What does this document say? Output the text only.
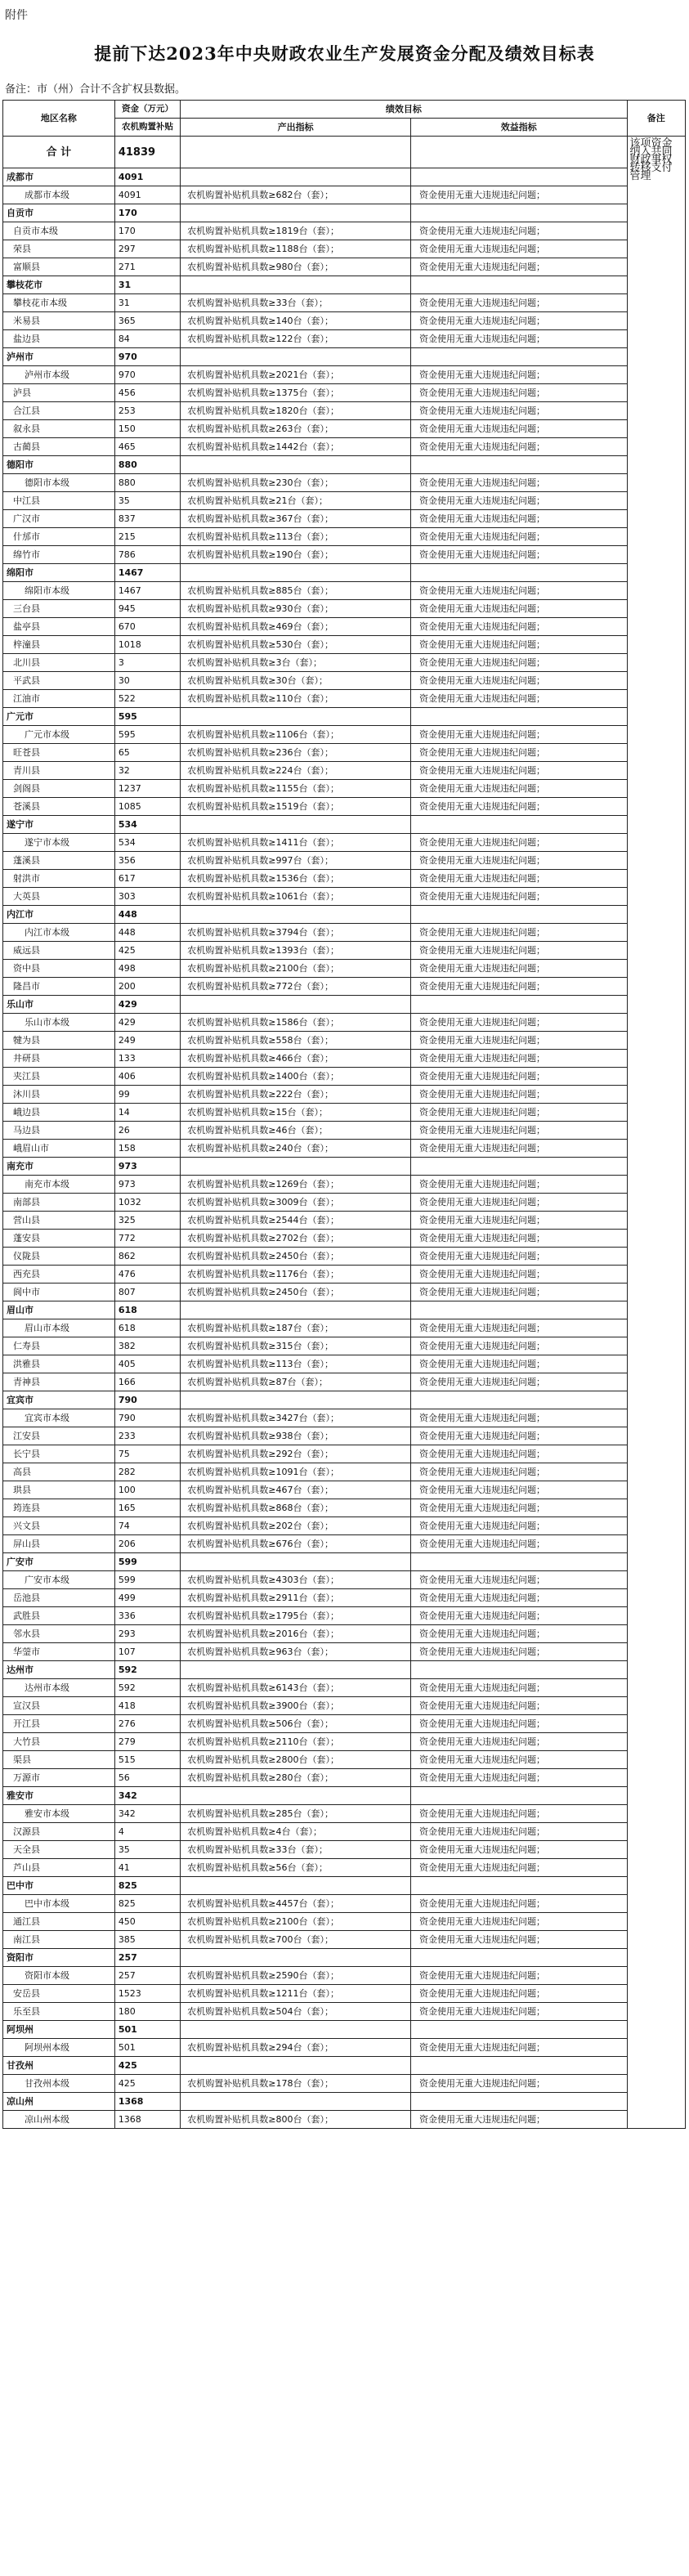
附件
提前下达2023年中央财政农业生产发展资金分配及绩效目标表
备注：市（州）合计不含扩权县数据。
地区名称	资金（万元）	绩效目标		备注
	农机购置补贴	产出指标	效益指标	
合 计	41839			该项资金纳入共同财政事权转移支付管理
成都市	4091			
成都市本级	4091	农机购置补贴机具数≥682台（套）；	资金使用无重大违规违纪问题；	
自贡市	170			
自贡市本级	170	农机购置补贴机具数≥1819台（套）；	资金使用无重大违规违纪问题；	
荣县	297	农机购置补贴机具数≥1188台（套）；	资金使用无重大违规违纪问题；	
富顺县	271	农机购置补贴机具数≥980台（套）；	资金使用无重大违规违纪问题；	
攀枝花市	31			
攀枝花市本级	31	农机购置补贴机具数≥33台（套）；	资金使用无重大违规违纪问题；	
米易县	365	农机购置补贴机具数≥140台（套）；	资金使用无重大违规违纪问题；	
盐边县	84	农机购置补贴机具数≥122台（套）；	资金使用无重大违规违纪问题；	
泸州市	970			
泸州市本级	970	农机购置补贴机具数≥2021台（套）；	资金使用无重大违规违纪问题；	
泸县	456	农机购置补贴机具数≥1375台（套）；	资金使用无重大违规违纪问题；	
合江县	253	农机购置补贴机具数≥1820台（套）；	资金使用无重大违规违纪问题；	
叙永县	150	农机购置补贴机具数≥263台（套）；	资金使用无重大违规违纪问题；	
古蔺县	465	农机购置补贴机具数≥1442台（套）；	资金使用无重大违规违纪问题；	
德阳市	880			
德阳市本级	880	农机购置补贴机具数≥230台（套）；	资金使用无重大违规违纪问题；	
中江县	35	农机购置补贴机具数≥21台（套）；	资金使用无重大违规违纪问题；	
广汉市	837	农机购置补贴机具数≥367台（套）；	资金使用无重大违规违纪问题；	
什邡市	215	农机购置补贴机具数≥113台（套）；	资金使用无重大违规违纪问题；	
绵竹市	786	农机购置补贴机具数≥190台（套）；	资金使用无重大违规违纪问题；	
绵阳市	1467			
绵阳市本级	1467	农机购置补贴机具数≥885台（套）；	资金使用无重大违规违纪问题；	
三台县	945	农机购置补贴机具数≥930台（套）；	资金使用无重大违规违纪问题；	
盐亭县	670	农机购置补贴机具数≥469台（套）；	资金使用无重大违规违纪问题；	
梓潼县	1018	农机购置补贴机具数≥530台（套）；	资金使用无重大违规违纪问题；	
北川县	3	农机购置补贴机具数≥3台（套）；	资金使用无重大违规违纪问题；	
平武县	30	农机购置补贴机具数≥30台（套）；	资金使用无重大违规违纪问题；	
江油市	522	农机购置补贴机具数≥110台（套）；	资金使用无重大违规违纪问题；	
广元市	595			
广元市本级	595	农机购置补贴机具数≥1106台（套）；	资金使用无重大违规违纪问题；	
旺苍县	65	农机购置补贴机具数≥236台（套）；	资金使用无重大违规违纪问题；	
青川县	32	农机购置补贴机具数≥224台（套）；	资金使用无重大违规违纪问题；	
剑阁县	1237	农机购置补贴机具数≥1155台（套）；	资金使用无重大违规违纪问题；	
苍溪县	1085	农机购置补贴机具数≥1519台（套）；	资金使用无重大违规违纪问题；	
遂宁市	534			
遂宁市本级	534	农机购置补贴机具数≥1411台（套）；	资金使用无重大违规违纪问题；	
蓬溪县	356	农机购置补贴机具数≥997台（套）；	资金使用无重大违规违纪问题；	
射洪市	617	农机购置补贴机具数≥1536台（套）；	资金使用无重大违规违纪问题；	
大英县	303	农机购置补贴机具数≥1061台（套）；	资金使用无重大违规违纪问题；	
内江市	448			
内江市本级	448	农机购置补贴机具数≥3794台（套）；	资金使用无重大违规违纪问题；	
威远县	425	农机购置补贴机具数≥1393台（套）；	资金使用无重大违规违纪问题；	
资中县	498	农机购置补贴机具数≥2100台（套）；	资金使用无重大违规违纪问题；	
隆昌市	200	农机购置补贴机具数≥772台（套）；	资金使用无重大违规违纪问题；	
乐山市	429			
乐山市本级	429	农机购置补贴机具数≥1586台（套）；	资金使用无重大违规违纪问题；	
犍为县	249	农机购置补贴机具数≥558台（套）；	资金使用无重大违规违纪问题；	
井研县	133	农机购置补贴机具数≥466台（套）；	资金使用无重大违规违纪问题；	
夹江县	406	农机购置补贴机具数≥1400台（套）；	资金使用无重大违规违纪问题；	
沐川县	99	农机购置补贴机具数≥222台（套）；	资金使用无重大违规违纪问题；	
峨边县	14	农机购置补贴机具数≥15台（套）；	资金使用无重大违规违纪问题；	
马边县	26	农机购置补贴机具数≥46台（套）；	资金使用无重大违规违纪问题；	
峨眉山市	158	农机购置补贴机具数≥240台（套）；	资金使用无重大违规违纪问题；	
南充市	973			
南充市本级	973	农机购置补贴机具数≥1269台（套）；	资金使用无重大违规违纪问题；	
南部县	1032	农机购置补贴机具数≥3009台（套）；	资金使用无重大违规违纪问题；	
营山县	325	农机购置补贴机具数≥2544台（套）；	资金使用无重大违规违纪问题；	
蓬安县	772	农机购置补贴机具数≥2702台（套）；	资金使用无重大违规违纪问题；	
仪陇县	862	农机购置补贴机具数≥2450台（套）；	资金使用无重大违规违纪问题；	
西充县	476	农机购置补贴机具数≥1176台（套）；	资金使用无重大违规违纪问题；	
阆中市	807	农机购置补贴机具数≥2450台（套）；	资金使用无重大违规违纪问题；	
眉山市	618			
眉山市本级	618	农机购置补贴机具数≥187台（套）；	资金使用无重大违规违纪问题；	
仁寿县	382	农机购置补贴机具数≥315台（套）；	资金使用无重大违规违纪问题；	
洪雅县	405	农机购置补贴机具数≥113台（套）；	资金使用无重大违规违纪问题；	
青神县	166	农机购置补贴机具数≥87台（套）；	资金使用无重大违规违纪问题；	
宜宾市	790			
宜宾市本级	790	农机购置补贴机具数≥3427台（套）；	资金使用无重大违规违纪问题；	
江安县	233	农机购置补贴机具数≥938台（套）；	资金使用无重大违规违纪问题；	
长宁县	75	农机购置补贴机具数≥292台（套）；	资金使用无重大违规违纪问题；	
高县	282	农机购置补贴机具数≥1091台（套）；	资金使用无重大违规违纪问题；	
珙县	100	农机购置补贴机具数≥467台（套）；	资金使用无重大违规违纪问题；	
筠连县	165	农机购置补贴机具数≥868台（套）；	资金使用无重大违规违纪问题；	
兴文县	74	农机购置补贴机具数≥202台（套）；	资金使用无重大违规违纪问题；	
屏山县	206	农机购置补贴机具数≥676台（套）；	资金使用无重大违规违纪问题；	
广安市	599			
广安市本级	599	农机购置补贴机具数≥4303台（套）；	资金使用无重大违规违纪问题；	
岳池县	499	农机购置补贴机具数≥2911台（套）；	资金使用无重大违规违纪问题；	
武胜县	336	农机购置补贴机具数≥1795台（套）；	资金使用无重大违规违纪问题；	
邻水县	293	农机购置补贴机具数≥2016台（套）；	资金使用无重大违规违纪问题；	
华蓥市	107	农机购置补贴机具数≥963台（套）；	资金使用无重大违规违纪问题；	
达州市	592			
达州市本级	592	农机购置补贴机具数≥6143台（套）；	资金使用无重大违规违纪问题；	
宣汉县	418	农机购置补贴机具数≥3900台（套）；	资金使用无重大违规违纪问题；	
开江县	276	农机购置补贴机具数≥506台（套）；	资金使用无重大违规违纪问题；	
大竹县	279	农机购置补贴机具数≥2110台（套）；	资金使用无重大违规违纪问题；	
渠县	515	农机购置补贴机具数≥2800台（套）；	资金使用无重大违规违纪问题；	
万源市	56	农机购置补贴机具数≥280台（套）；	资金使用无重大违规违纪问题；	
雅安市	342			
雅安市本级	342	农机购置补贴机具数≥285台（套）；	资金使用无重大违规违纪问题；	
汉源县	4	农机购置补贴机具数≥4台（套）；	资金使用无重大违规违纪问题；	
天全县	35	农机购置补贴机具数≥33台（套）；	资金使用无重大违规违纪问题；	
芦山县	41	农机购置补贴机具数≥56台（套）；	资金使用无重大违规违纪问题；	
巴中市	825			
巴中市本级	825	农机购置补贴机具数≥4457台（套）；	资金使用无重大违规违纪问题；	
通江县	450	农机购置补贴机具数≥2100台（套）；	资金使用无重大违规违纪问题；	
南江县	385	农机购置补贴机具数≥700台（套）；	资金使用无重大违规违纪问题；	
资阳市	257			
资阳市本级	257	农机购置补贴机具数≥2590台（套）；	资金使用无重大违规违纪问题；	
安岳县	1523	农机购置补贴机具数≥1211台（套）；	资金使用无重大违规违纪问题；	
乐至县	180	农机购置补贴机具数≥504台（套）；	资金使用无重大违规违纪问题；	
阿坝州	501			
阿坝州本级	501	农机购置补贴机具数≥294台（套）；	资金使用无重大违规违纪问题；	
甘孜州	425			
甘孜州本级	425	农机购置补贴机具数≥178台（套）；	资金使用无重大违规违纪问题；	
凉山州	1368			
凉山州本级	1368	农机购置补贴机具数≥800台（套）；	资金使用无重大违规违纪问题；	
